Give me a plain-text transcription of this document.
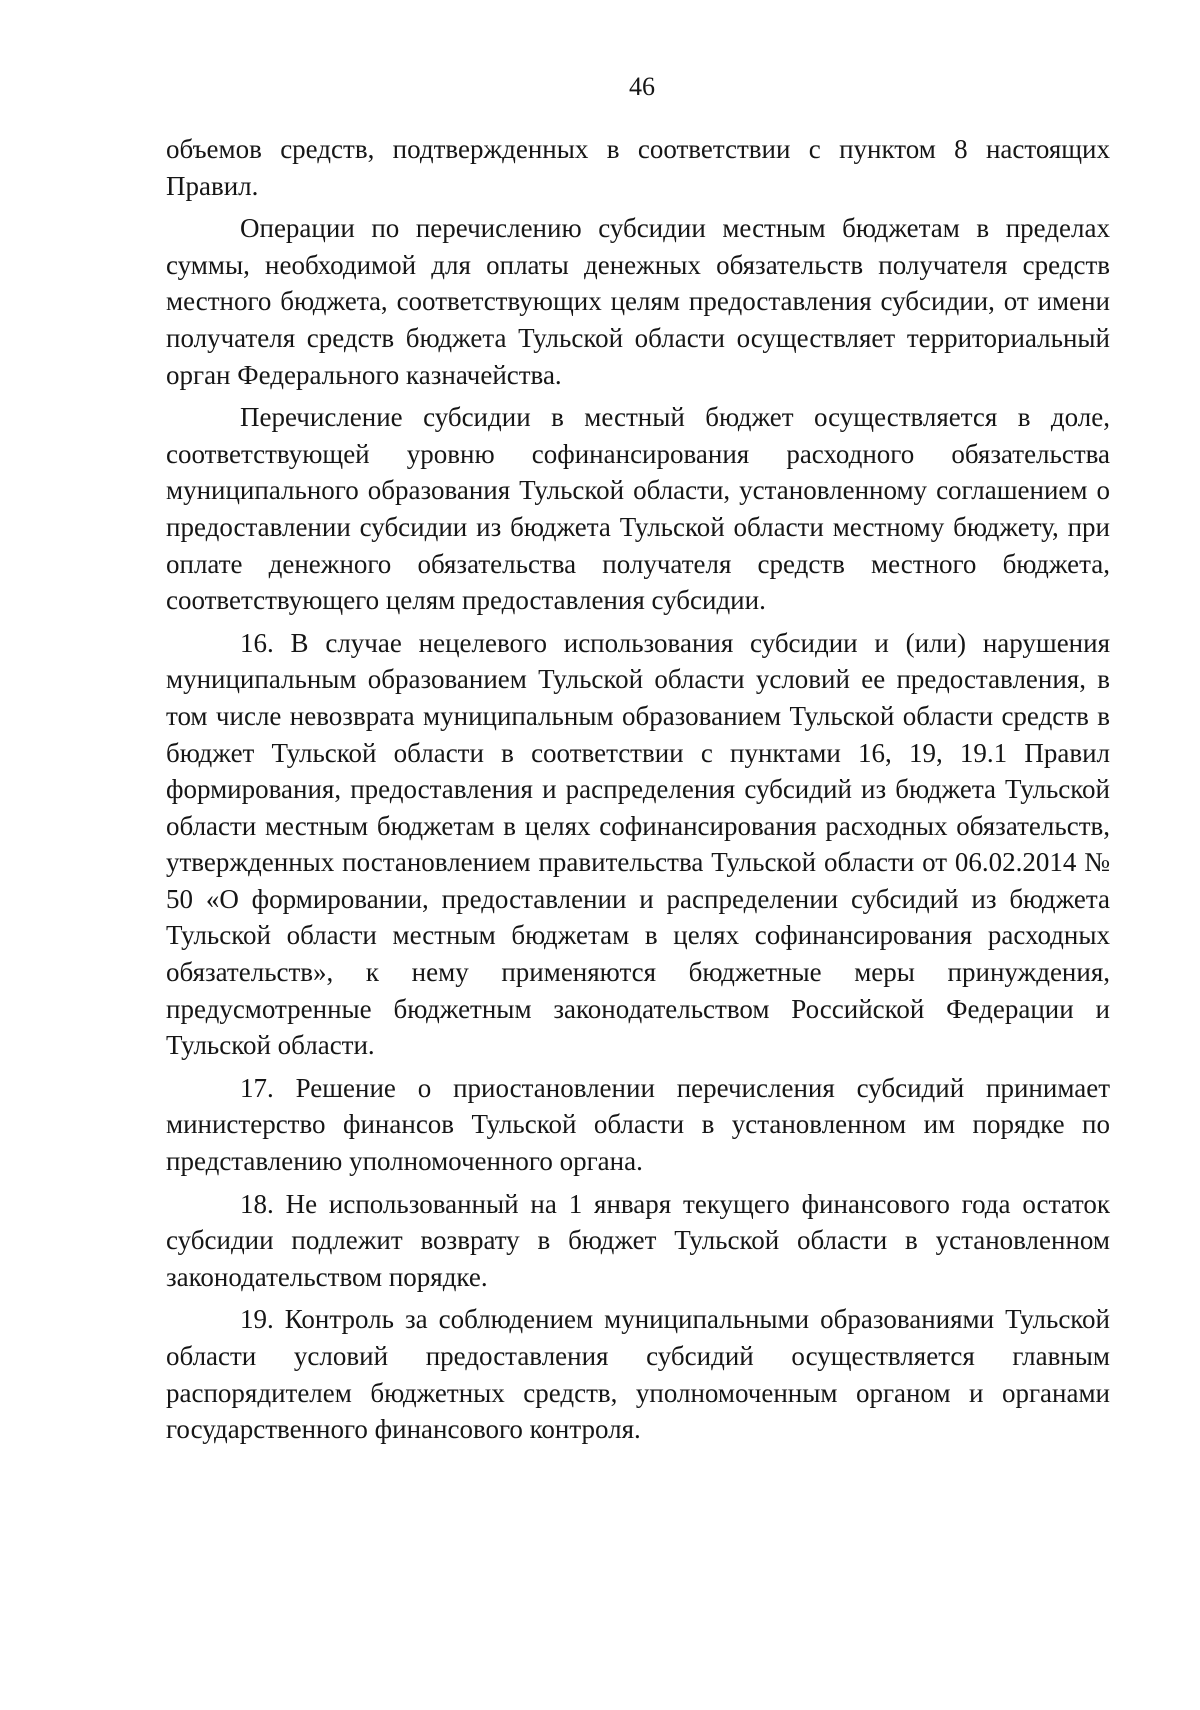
46

объемов средств, подтвержденных в соответствии с пунктом 8 настоящих Правил.

Операции по перечислению субсидии местным бюджетам в пределах суммы, необходимой для оплаты денежных обязательств получателя средств местного бюджета, соответствующих целям предоставления субсидии, от имени получателя средств бюджета Тульской области осуществляет территориальный орган Федерального казначейства.

Перечисление субсидии в местный бюджет осуществляется в доле, соответствующей уровню софинансирования расходного обязательства муниципального образования Тульской области, установленному соглашением о предоставлении субсидии из бюджета Тульской области местному бюджету, при оплате денежного обязательства получателя средств местного бюджета, соответствующего целям предоставления субсидии.

16. В случае нецелевого использования субсидии и (или) нарушения муниципальным образованием Тульской области условий ее предоставления, в том числе невозврата муниципальным образованием Тульской области средств в бюджет Тульской области в соответствии с пунктами 16, 19, 19.1 Правил формирования, предоставления и распределения субсидий из бюджета Тульской области местным бюджетам в целях софинансирования расходных обязательств, утвержденных постановлением правительства Тульской области от 06.02.2014 № 50 «О формировании, предоставлении и распределении субсидий из бюджета Тульской области местным бюджетам в целях софинансирования расходных обязательств», к нему применяются бюджетные меры принуждения, предусмотренные бюджетным законодательством Российской Федерации и Тульской области.

17. Решение о приостановлении перечисления субсидий принимает министерство финансов Тульской области в установленном им порядке по представлению уполномоченного органа.

18. Не использованный на 1 января текущего финансового года остаток субсидии подлежит возврату в бюджет Тульской области в установленном законодательством порядке.

19. Контроль за соблюдением муниципальными образованиями Тульской области условий предоставления субсидий осуществляется главным распорядителем бюджетных средств, уполномоченным органом и органами государственного финансового контроля.
